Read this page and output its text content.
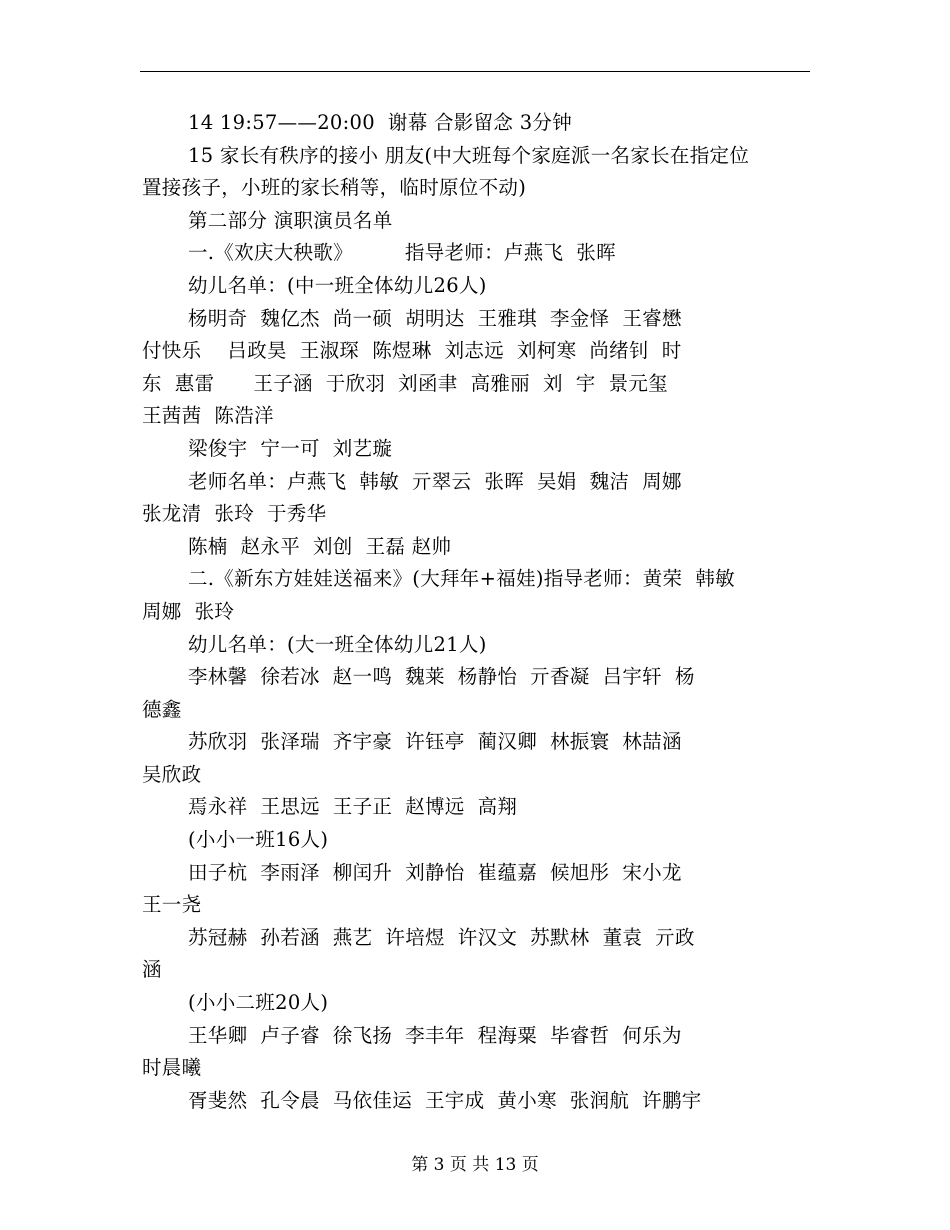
14 19:57——20:00  谢幕 合影留念 3分钟
15 家长有秩序的接小 朋友(中大班每个家庭派一名家长在指定位
置接孩子，小班的家长稍等，临时原位不动)
第二部分 演职演员名单
一.《欢庆大秧歌》        指导老师：卢燕飞  张晖
幼儿名单：(中一班全体幼儿26人)
杨明奇  魏亿杰  尚一硕  胡明达  王雅琪  李金怿  王睿懋
付快乐    吕政昊  王淑琛  陈煜琳  刘志远  刘柯寒  尚绪钊  时
东  惠雷      王子涵  于欣羽  刘函聿  高雅丽  刘  宇  景元玺
王茜茜  陈浩洋
梁俊宇  宁一可  刘艺璇
老师名单：卢燕飞  韩敏  亓翠云  张晖  吴娟  魏洁  周娜
张龙清  张玲  于秀华
陈楠  赵永平  刘创  王磊 赵帅
二.《新东方娃娃送福来》(大拜年+福娃)指导老师：黄荣  韩敏
周娜  张玲
幼儿名单：(大一班全体幼儿21人)
李林馨  徐若冰  赵一鸣  魏莱  杨静怡  亓香凝  吕宇轩  杨
德鑫
苏欣羽  张泽瑞  齐宇豪  许钰亭  蔺汉卿  林振寰  林喆涵
吴欣政
焉永祥  王思远  王子正  赵博远  高翔
(小小一班16人)
田子杭  李雨泽  柳闰升  刘静怡  崔蕴嘉  候旭彤  宋小龙
王一尧
苏冠赫  孙若涵  燕艺  许培煜  许汉文  苏默林  董袁  亓政
涵
(小小二班20人)
王华卿  卢子睿  徐飞扬  李丰年  程海粟  毕睿哲  何乐为
时晨曦
胥斐然  孔令晨  马依佳运  王宇成  黄小寒  张润航  许鹏宇
第 3 页 共 13 页
